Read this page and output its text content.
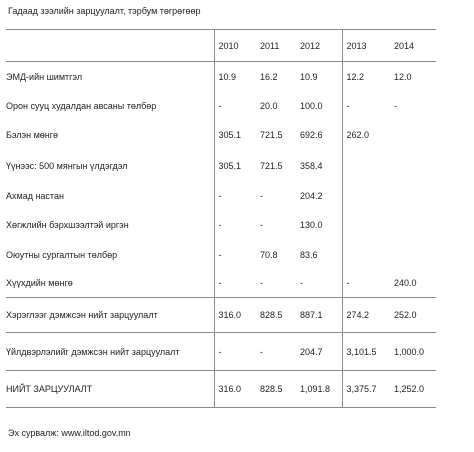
Гадаад зээлийн зарцуулалт, тэрбум төгрөгөөр
	2010	2011	2012	2013	2014
ЭМД-ийн шимтгэл	10.9	16.2	10.9	12.2	12.0
Орон сууц худалдан авсаны төлбөр	-	20.0	100.0	-	-
Бэлэн мөнгө	305.1	721.5	692.6	262.0	
Үүнээс: 500 мянгын үлдэгдэл	305.1	721.5	358.4		
Ахмад настан	-	-	204.2		
Хөгжлийн бэрхшээлтэй иргэн	-	-	130.0		
Оюутны сургалтын төлбөр	-	70.8	83.6		
Хүүхдийн мөнгө	-	-	-	-	240.0
Хэрэглээг дэмжсэн нийт зарцуулалт	316.0	828.5	887.1	274.2	252.0
Үйлдвэрлэлийг дэмжсэн нийт зарцуулалт	-	-	204.7	3,101.5	1,000.0
НИЙТ ЗАРЦУУЛАЛТ	316.0	828.5	1,091.8	3,375.7	1,252.0
Эх сурвалж: www.iltod.gov.mn
